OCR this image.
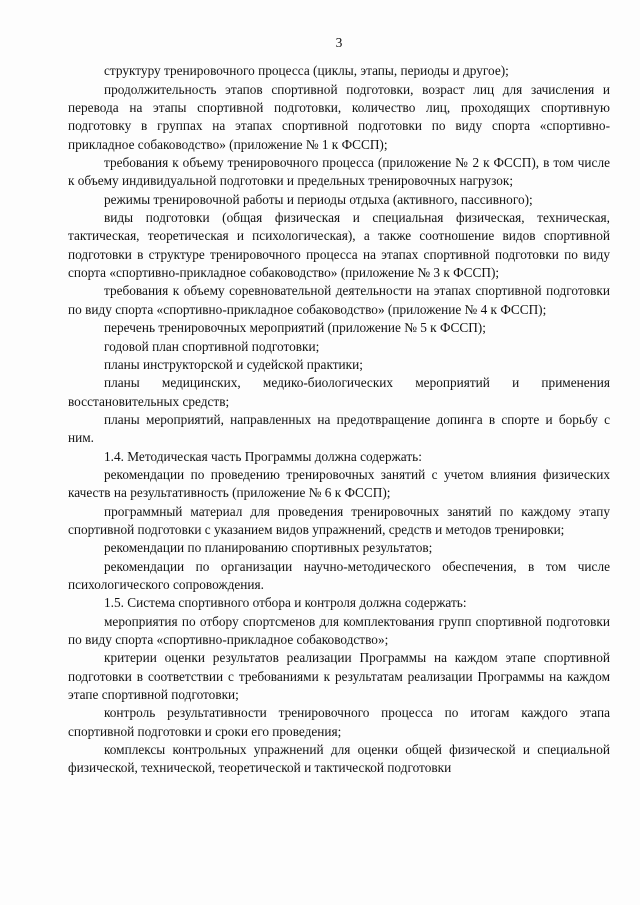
3

структуру тренировочного процесса (циклы, этапы, периоды и другое);

продолжительность этапов спортивной подготовки, возраст лиц для зачисления и перевода на этапы спортивной подготовки, количество лиц, проходящих спортивную подготовку в группах на этапах спортивной подготовки по виду спорта «спортивно-прикладное собаководство» (приложение № 1 к ФССП);

требования к объему тренировочного процесса (приложение № 2 к ФССП), в том числе к объему индивидуальной подготовки и предельных тренировочных нагрузок;

режимы тренировочной работы и периоды отдыха (активного, пассивного);

виды подготовки (общая физическая и специальная физическая, техническая, тактическая, теоретическая и психологическая), а также соотношение видов спортивной подготовки в структуре тренировочного процесса на этапах спортивной подготовки по виду спорта «спортивно-прикладное собаководство» (приложение № 3 к ФССП);

требования к объему соревновательной деятельности на этапах спортивной подготовки по виду спорта «спортивно-прикладное собаководство» (приложение № 4 к ФССП);

перечень тренировочных мероприятий (приложение № 5 к ФССП);

годовой план спортивной подготовки;

планы инструкторской и судейской практики;

планы медицинских, медико-биологических мероприятий и применения восстановительных средств;

планы мероприятий, направленных на предотвращение допинга в спорте и борьбу с ним.

1.4. Методическая часть Программы должна содержать:

рекомендации по проведению тренировочных занятий с учетом влияния физических качеств на результативность (приложение № 6 к ФССП);

программный материал для проведения тренировочных занятий по каждому этапу спортивной подготовки с указанием видов упражнений, средств и методов тренировки;

рекомендации по планированию спортивных результатов;

рекомендации по организации научно-методического обеспечения, в том числе психологического сопровождения.

1.5. Система спортивного отбора и контроля должна содержать:

мероприятия по отбору спортсменов для комплектования групп спортивной подготовки по виду спорта «спортивно-прикладное собаководство»;

критерии оценки результатов реализации Программы на каждом этапе спортивной подготовки в соответствии с требованиями к результатам реализации Программы на каждом этапе спортивной подготовки;

контроль результативности тренировочного процесса по итогам каждого этапа спортивной подготовки и сроки его проведения;

комплексы контрольных упражнений для оценки общей физической и специальной физической, технической, теоретической и тактической подготовки
